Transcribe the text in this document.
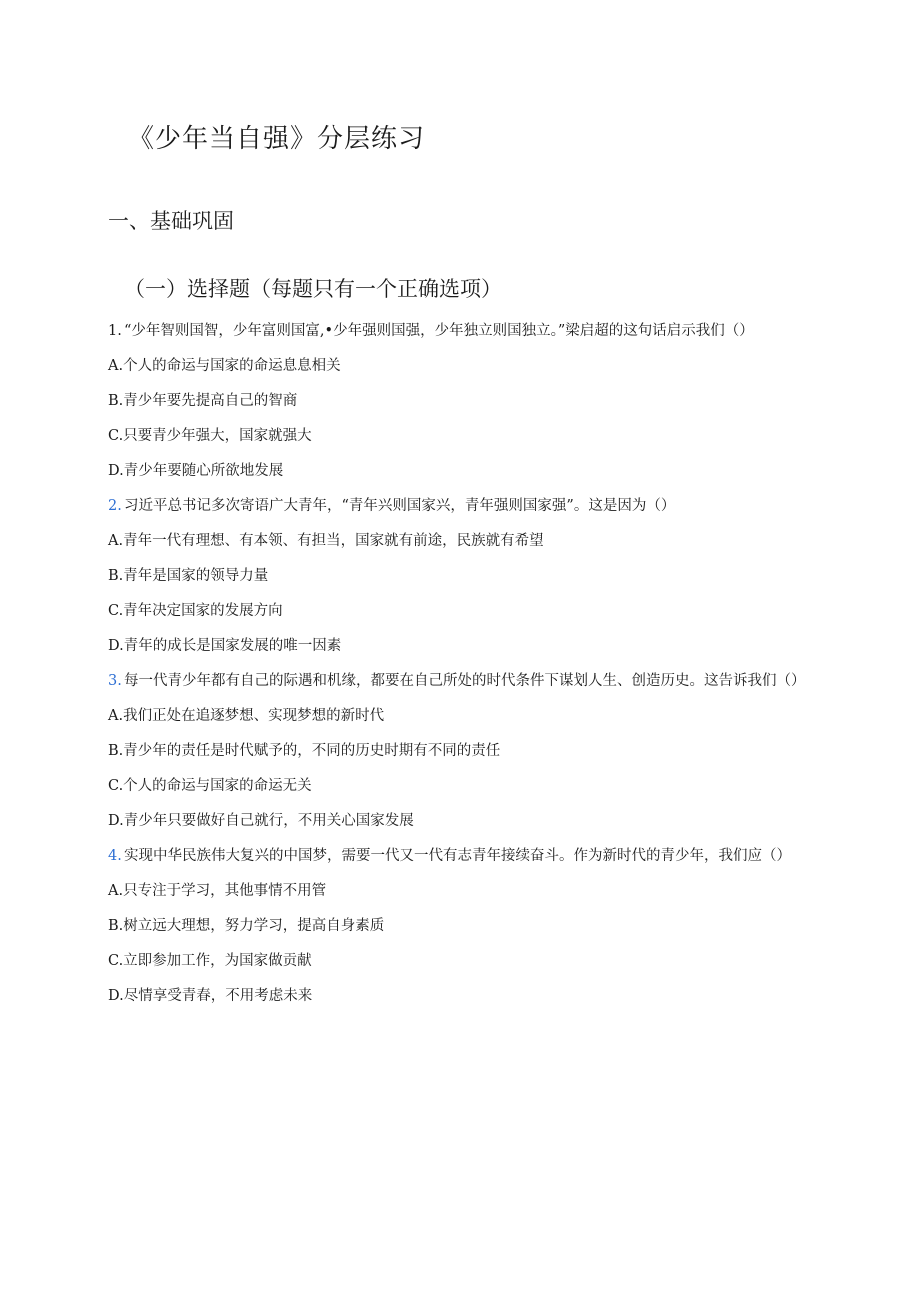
《少年当自强》分层练习
一、基础巩固
（一）选择题（每题只有一个正确选项）
1. “少年智则国智，少年富则国富,•少年强则国强，少年独立则国独立。”梁启超的这句话启示我们（）
A.个人的命运与国家的命运息息相关
B.青少年要先提高自己的智商
C.只要青少年强大，国家就强大
D.青少年要随心所欲地发展
2. 习近平总书记多次寄语广大青年，“青年兴则国家兴，青年强则国家强”。这是因为（）
A.青年一代有理想、有本领、有担当，国家就有前途，民族就有希望
B.青年是国家的领导力量
C.青年决定国家的发展方向
D.青年的成长是国家发展的唯一因素
3. 每一代青少年都有自己的际遇和机缘，都要在自己所处的时代条件下谋划人生、创造历史。这告诉我们（）
A.我们正处在追逐梦想、实现梦想的新时代
B.青少年的责任是时代赋予的，不同的历史时期有不同的责任
C.个人的命运与国家的命运无关
D.青少年只要做好自己就行，不用关心国家发展
4. 实现中华民族伟大复兴的中国梦，需要一代又一代有志青年接续奋斗。作为新时代的青少年，我们应（）
A.只专注于学习，其他事情不用管
B.树立远大理想，努力学习，提高自身素质
C.立即参加工作，为国家做贡献
D.尽情享受青春，不用考虑未来
